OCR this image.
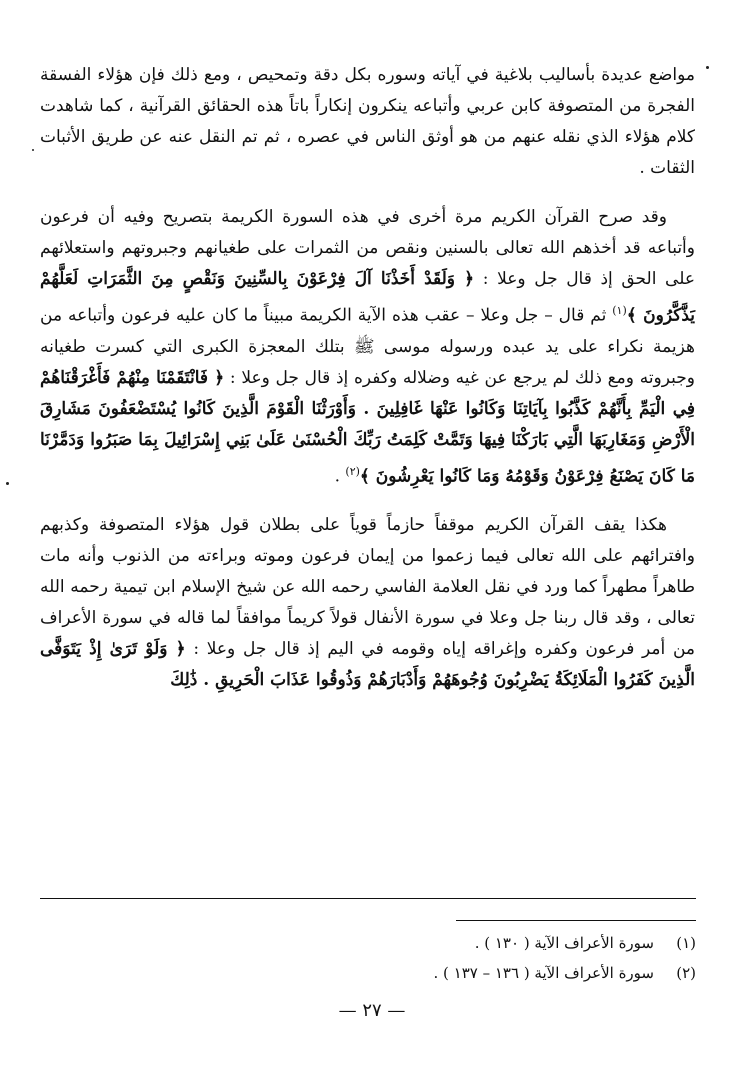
مواضع عديدة بأساليب بلاغية في آياته وسوره بكل دقة وتمحيص ، ومع ذلك فإن هؤلاء الفسقة الفجرة من المتصوفة كابن عربي وأتباعه ينكرون إنكاراً باتاً هذه الحقائق القرآنية ، كما شاهدت كلام هؤلاء الذي نقله عنهم من هو أوثق الناس في عصره ، ثم تم النقل عنه عن طريق الأثبات الثقات .

وقد صرح القرآن الكريم مرة أخرى في هذه السورة الكريمة بتصريح وفيه أن فرعون وأتباعه قد أخذهم الله تعالى بالسنين ونقص من الثمرات على طغيانهم وجبروتهم واستعلائهم على الحق إذ قال جل وعلا : ﴿ وَلَقَدْ أَخَذْنَا آلَ فِرْعَوْنَ بِالسِّنِينَ وَنَقْصٍ مِنَ الثَّمَرَاتِ لَعَلَّهُمْ يَذَّكَّرُونَ ﴾$^{(١)}$ ثم قال – جل وعلا – عقب هذه الآية الكريمة مبيناً ما كان عليه فرعون وأتباعه من هزيمة نكراء على يد عبده ورسوله موسى ﷺ بتلك المعجزة الكبرى التي كسرت طغيانه وجبروته ومع ذلك لم يرجع عن غيه وضلاله وكفره إذ قال جل وعلا : ﴿ فَانْتَقَمْنَا مِنْهُمْ فَأَغْرَقْنَاهُمْ فِي الْيَمِّ بِأَنَّهُمْ كَذَّبُوا بِآيَاتِنَا وَكَانُوا عَنْهَا غَافِلِينَ . وَأَوْرَثْنَا الْقَوْمَ الَّذِينَ كَانُوا يُسْتَضْعَفُونَ مَشَارِقَ الْأَرْضِ وَمَغَارِبَهَا الَّتِي بَارَكْنَا فِيهَا وَتَمَّتْ كَلِمَتُ رَبِّكَ الْحُسْنَىٰ عَلَىٰ بَنِي إِسْرَائِيلَ بِمَا صَبَرُوا وَدَمَّرْنَا مَا كَانَ يَصْنَعُ فِرْعَوْنُ وَقَوْمُهُ وَمَا كَانُوا يَعْرِشُونَ ﴾$^{(٢)}$ .

هكذا يقف القرآن الكريم موقفاً حازماً قوياً على بطلان قول هؤلاء المتصوفة وكذبهم وافترائهم على الله تعالى فيما زعموا من إيمان فرعون وموته وبراءته من الذنوب وأنه مات طاهراً مطهراً كما ورد في نقل العلامة الفاسي رحمه الله عن شيخ الإسلام ابن تيمية رحمه الله تعالى ، وقد قال ربنا جل وعلا في سورة الأنفال قولاً كريماً موافقاً لما قاله في سورة الأعراف من أمر فرعون وكفره وإغراقه إياه وقومه في اليم إذ قال جل وعلا : ﴿ وَلَوْ تَرَىٰ إِذْ يَتَوَفَّى الَّذِينَ كَفَرُوا الْمَلَائِكَةُ يَضْرِبُونَ وُجُوهَهُمْ وَأَدْبَارَهُمْ وَذُوقُوا عَذَابَ الْحَرِيقِ . ذَٰلِكَ

(١)
سورة الأعراف الآية ( ١٣٠ ) .
(٢)
سورة الأعراف الآية ( ١٣٦ – ١٣٧ ) .
— ٢٧ —
